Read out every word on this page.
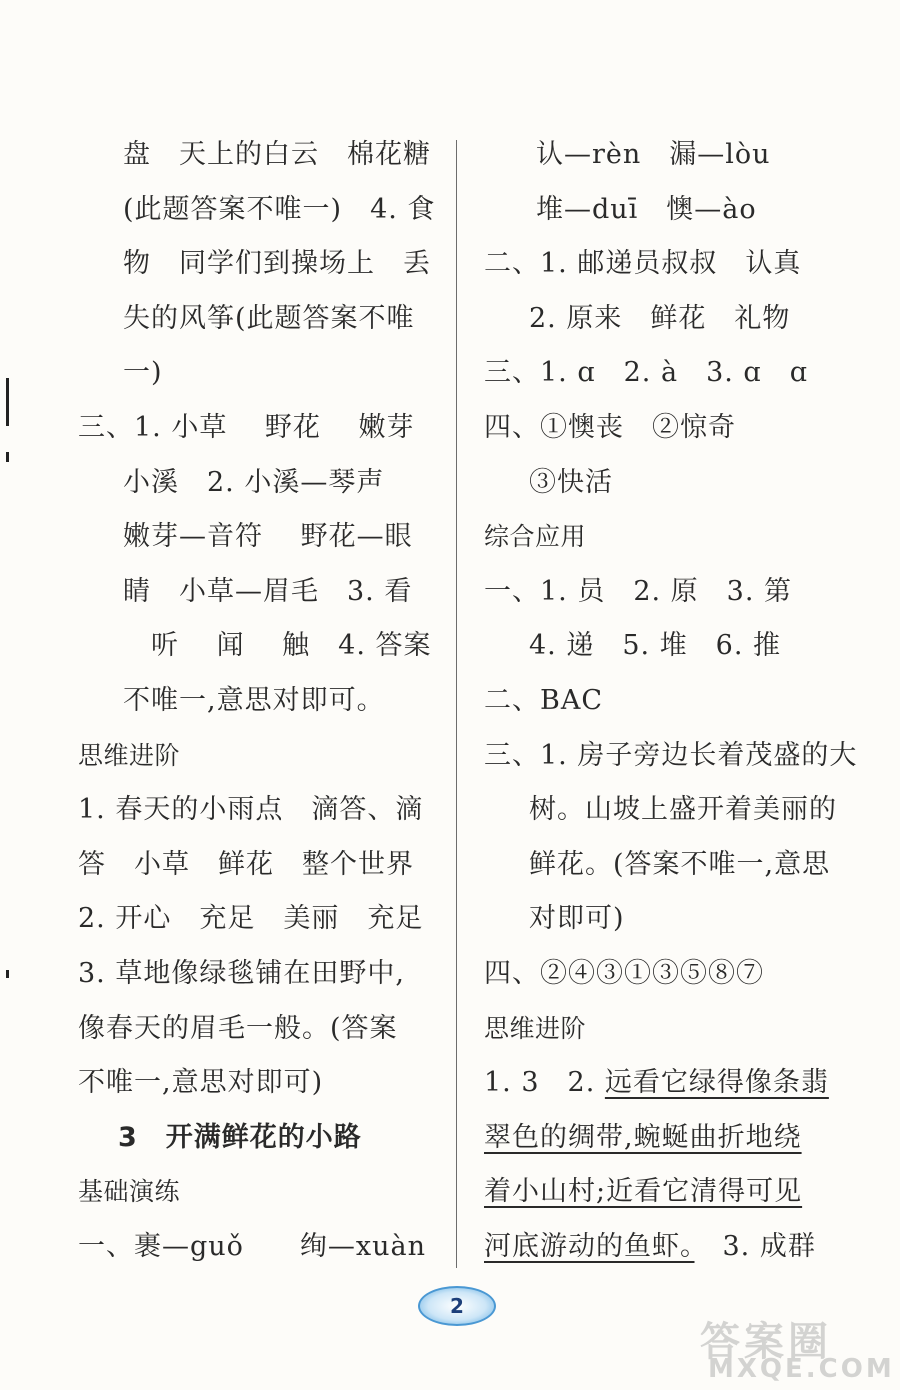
盘　天上的白云　棉花糖
(此题答案不唯一)　4. 食
物　同学们到操场上　丢
失的风筝(此题答案不唯
一)
三、1. 小草　 野花　 嫩芽
小溪　2. 小溪—琴声
嫩芽—音符　 野花—眼
睛　小草—眉毛　3. 看
　听　 闻　 触　4. 答案
不唯一,意思对即可。
思维进阶
1. 春天的小雨点　滴答、滴
答　小草　鲜花　整个世界
2. 开心　充足　美丽　充足
3. 草地像绿毯铺在田野中,
像春天的眉毛一般。(答案
不唯一,意思对即可)
3　开满鲜花的小路
基础演练
一、裹—guǒ　　绚—xuàn
认—rèn　漏—lòu
堆—duī　懊—ào
二、1. 邮递员叔叔　认真
2. 原来　鲜花　礼物
三、1. ɑ　2. à　3. ɑ　ɑ
四、①懊丧　②惊奇
③快活
综合应用
一、1. 员　2. 原　3. 第
4. 递　5. 堆　6. 推
二、BAC
三、1. 房子旁边长着茂盛的大
树。山坡上盛开着美丽的
鲜花。(答案不唯一,意思
对即可)
四、②④③①③⑤⑧⑦
思维进阶
1. 3　2. 远看它绿得像条翡
翠色的绸带,蜿蜒曲折地绕
着小山村;近看它清得可见
河底游动的鱼虾。　3. 成群
2
答案圈
MXQE.COM
